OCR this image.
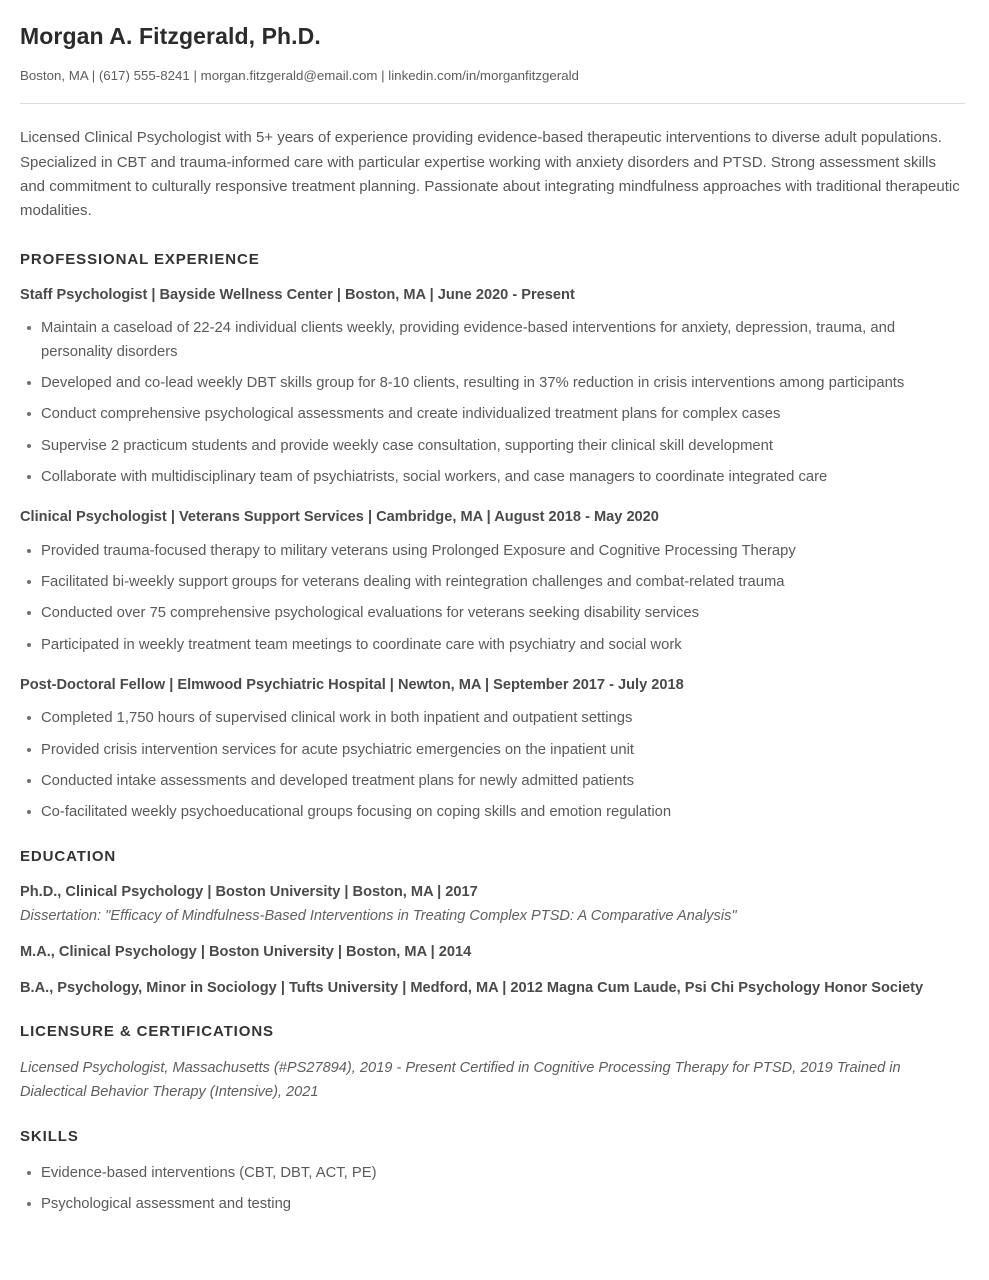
Morgan A. Fitzgerald, Ph.D.
Boston, MA | (617) 555-8241 | morgan.fitzgerald@email.com | linkedin.com/in/morganfitzgerald

Licensed Clinical Psychologist with 5+ years of experience providing evidence-based therapeutic interventions to diverse adult populations. Specialized in CBT and trauma-informed care with particular expertise working with anxiety disorders and PTSD. Strong assessment skills and commitment to culturally responsive treatment planning. Passionate about integrating mindfulness approaches with traditional therapeutic modalities.

PROFESSIONAL EXPERIENCE
Staff Psychologist | Bayside Wellness Center | Boston, MA | June 2020 - Present
Maintain a caseload of 22-24 individual clients weekly, providing evidence-based interventions for anxiety, depression, trauma, and personality disorders
Developed and co-lead weekly DBT skills group for 8-10 clients, resulting in 37% reduction in crisis interventions among participants
Conduct comprehensive psychological assessments and create individualized treatment plans for complex cases
Supervise 2 practicum students and provide weekly case consultation, supporting their clinical skill development
Collaborate with multidisciplinary team of psychiatrists, social workers, and case managers to coordinate integrated care
Clinical Psychologist | Veterans Support Services | Cambridge, MA | August 2018 - May 2020
Provided trauma-focused therapy to military veterans using Prolonged Exposure and Cognitive Processing Therapy
Facilitated bi-weekly support groups for veterans dealing with reintegration challenges and combat-related trauma
Conducted over 75 comprehensive psychological evaluations for veterans seeking disability services
Participated in weekly treatment team meetings to coordinate care with psychiatry and social work
Post-Doctoral Fellow | Elmwood Psychiatric Hospital | Newton, MA | September 2017 - July 2018
Completed 1,750 hours of supervised clinical work in both inpatient and outpatient settings
Provided crisis intervention services for acute psychiatric emergencies on the inpatient unit
Conducted intake assessments and developed treatment plans for newly admitted patients
Co-facilitated weekly psychoeducational groups focusing on coping skills and emotion regulation
EDUCATION
Ph.D., Clinical Psychology | Boston University | Boston, MA | 2017
Dissertation: "Efficacy of Mindfulness-Based Interventions in Treating Complex PTSD: A Comparative Analysis"
M.A., Clinical Psychology | Boston University | Boston, MA | 2014
B.A., Psychology, Minor in Sociology | Tufts University | Medford, MA | 2012 Magna Cum Laude, Psi Chi Psychology Honor Society
LICENSURE & CERTIFICATIONS

Licensed Psychologist, Massachusetts (#PS27894), 2019 - Present Certified in Cognitive Processing Therapy for PTSD, 2019 Trained in Dialectical Behavior Therapy (Intensive), 2021

SKILLS
Evidence-based interventions (CBT, DBT, ACT, PE)
Psychological assessment and testing
